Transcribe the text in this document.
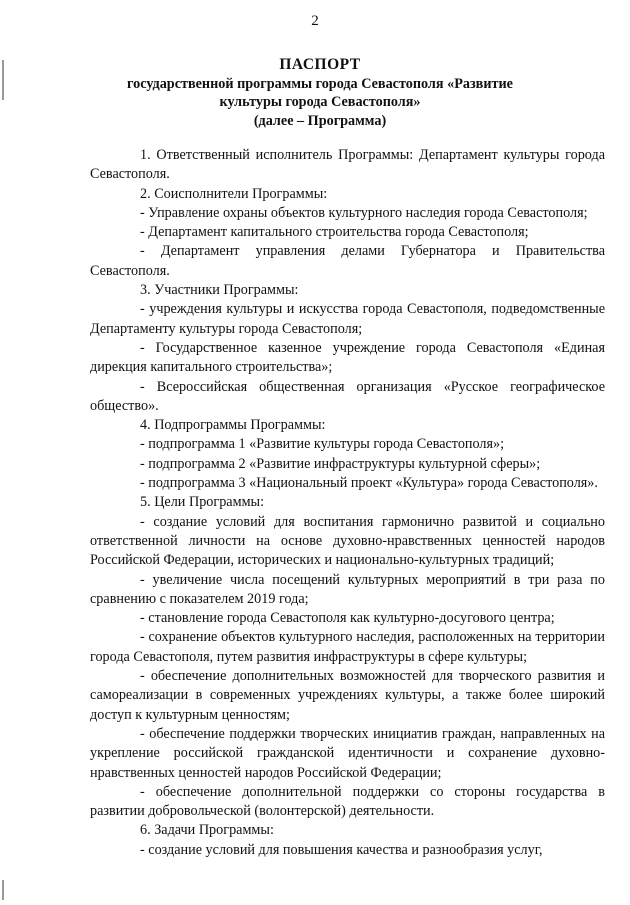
2
ПАСПОРТ
государственной программы города Севастополя «Развитие
культуры города Севастополя»
(далее – Программа)

1. Ответственный исполнитель Программы: Департамент культуры города Севастополя.

2. Соисполнители Программы:

- Управление охраны объектов культурного наследия города Севастополя;

- Департамент капитального строительства города Севастополя;

- Департамент управления делами Губернатора и Правительства Севастополя.

3. Участники Программы:

- учреждения культуры и искусства города Севастополя, подведомственные Департаменту культуры города Севастополя;

- Государственное казенное учреждение города Севастополя «Единая дирекция капитального строительства»;

- Всероссийская общественная организация «Русское географическое общество».

4. Подпрограммы Программы:

- подпрограмма 1 «Развитие культуры города Севастополя»;

- подпрограмма 2 «Развитие инфраструктуры культурной сферы»;

- подпрограмма 3 «Национальный проект «Культура» города Севастополя».

5. Цели Программы:

- создание условий для воспитания гармонично развитой и социально ответственной личности на основе духовно-нравственных ценностей народов Российской Федерации, исторических и национально-культурных традиций;

- увеличение числа посещений культурных мероприятий в три раза по сравнению с показателем 2019 года;

- становление города Севастополя как культурно-досугового центра;

- сохранение объектов культурного наследия, расположенных на территории города Севастополя, путем развития инфраструктуры в сфере культуры;

- обеспечение дополнительных возможностей для творческого развития и самореализации в современных учреждениях культуры, а также более широкий доступ к культурным ценностям;

- обеспечение поддержки творческих инициатив граждан, направленных на укрепление российской гражданской идентичности и сохранение духовно-нравственных ценностей народов Российской Федерации;

- обеспечение дополнительной поддержки со стороны государства в развитии добровольческой (волонтерской) деятельности.

6. Задачи Программы:

- создание условий для повышения качества и разнообразия услуг,
